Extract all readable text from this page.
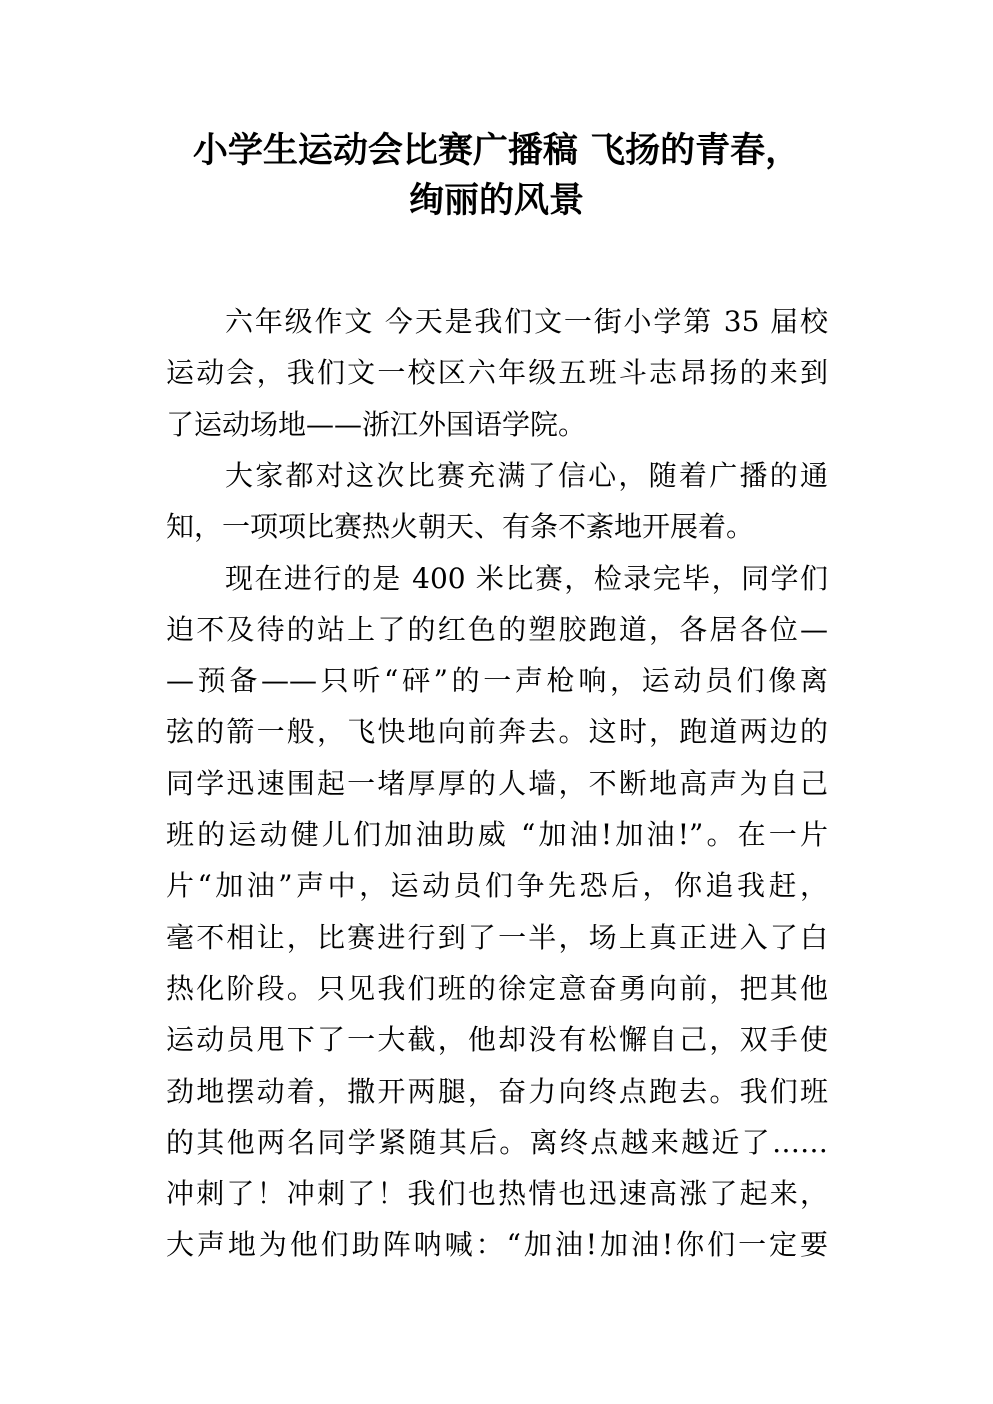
小学生运动会比赛广播稿 飞扬的青春，
绚丽的风景
六年级作文 今天是我们文一街小学第 35 届校
运动会，我们文一校区六年级五班斗志昂扬的来到
了运动场地——浙江外国语学院。
大家都对这次比赛充满了信心，随着广播的通
知，一项项比赛热火朝天、有条不紊地开展着。
现在进行的是 400 米比赛，检录完毕，同学们
迫不及待的站上了的红色的塑胶跑道，各居各位—
—预备——只听“砰”的一声枪响，运动员们像离
弦的箭一般，飞快地向前奔去。这时，跑道两边的
同学迅速围起一堵厚厚的人墙，不断地高声为自己
班的运动健儿们加油助威 “加油!加油!”。在一片
片“加油”声中，运动员们争先恐后，你追我赶，
毫不相让，比赛进行到了一半，场上真正进入了白
热化阶段。只见我们班的徐定意奋勇向前，把其他
运动员甩下了一大截，他却没有松懈自己，双手使
劲地摆动着，撒开两腿，奋力向终点跑去。我们班
的其他两名同学紧随其后。离终点越来越近了……
冲刺了！冲刺了！我们也热情也迅速高涨了起来，
大声地为他们助阵呐喊：“加油!加油!你们一定要
